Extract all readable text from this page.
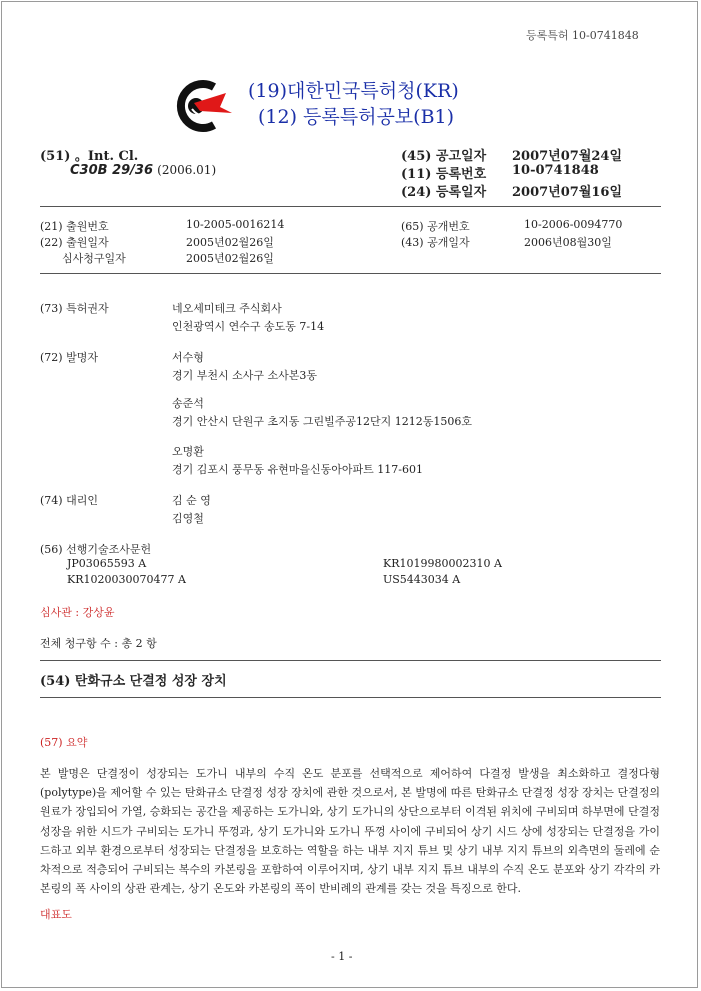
등록특허 10-0741848
(19)대한민국특허청(KR)
(12) 등록특허공보(B1)
(51) 。Int. Cl.
C30B 29/36 (2006.01)
(45) 공고일자 2007년07월24일
(11) 등록번호 10-0741848
(24) 등록일자 2007년07월16일
(21) 출원번호	10-2005-0016214
(22) 출원일자	2005년02월26일
심사청구일자	2005년02월26일
(65) 공개번호	10-2006-0094770
(43) 공개일자	2006년08월30일
(73) 특허권자	네오세미테크 주식회사
인천광역시 연수구 송도동 7-14
(72) 발명자	서수형
경기 부천시 소사구 소사본3동
송준석
경기 안산시 단원구 초지동 그린빌주공12단지 1212동1506호
오명환
경기 김포시 풍무동 유현마을신동아아파트 117-601
(74) 대리인	김 순 영
김영철
(56) 선행기술조사문헌
JP03065593 A	KR1019980002310 A
KR1020030070477 A	US5443034 A
심사관 : 강상윤
전체 청구항 수 : 총 2 항
(54) 탄화규소 단결정 성장 장치
(57) 요약
본 발명은 단결정이 성장되는 도가니 내부의 수직 온도 분포를 선택적으로 제어하여 다결정 발생을 최소화하고 결정다형(polytype)을 제어할 수 있는 탄화규소 단결정 성장 장치에 관한 것으로서, 본 발명에 따른 탄화규소 단결정 성장 장치는 단결정의 원료가 장입되어 가열, 승화되는 공간을 제공하는 도가니와, 상기 도가니의 상단으로부터 이격된 위치에 구비되며 하부면에 단결정 성장을 위한 시드가 구비되는 도가니 뚜껑과, 상기 도가니와 도가니 뚜껑 사이에 구비되어 상기 시드 상에 성장되는 단결정을 가이드하고 외부 환경으로부터 성장되는 단결정을 보호하는 역할을 하는 내부 지지 튜브 및 상기 내부 지지 튜브의 외측면의 둘레에 순차적으로 적층되어 구비되는 복수의 카본링을 포함하여 이루어지며, 상기 내부 지지 튜브 내부의 수직 온도 분포와 상기 각각의 카본링의 폭 사이의 상관 관계는, 상기 온도와 카본링의 폭이 반비례의 관계를 갖는 것을 특징으로 한다.
대표도
- 1 -
